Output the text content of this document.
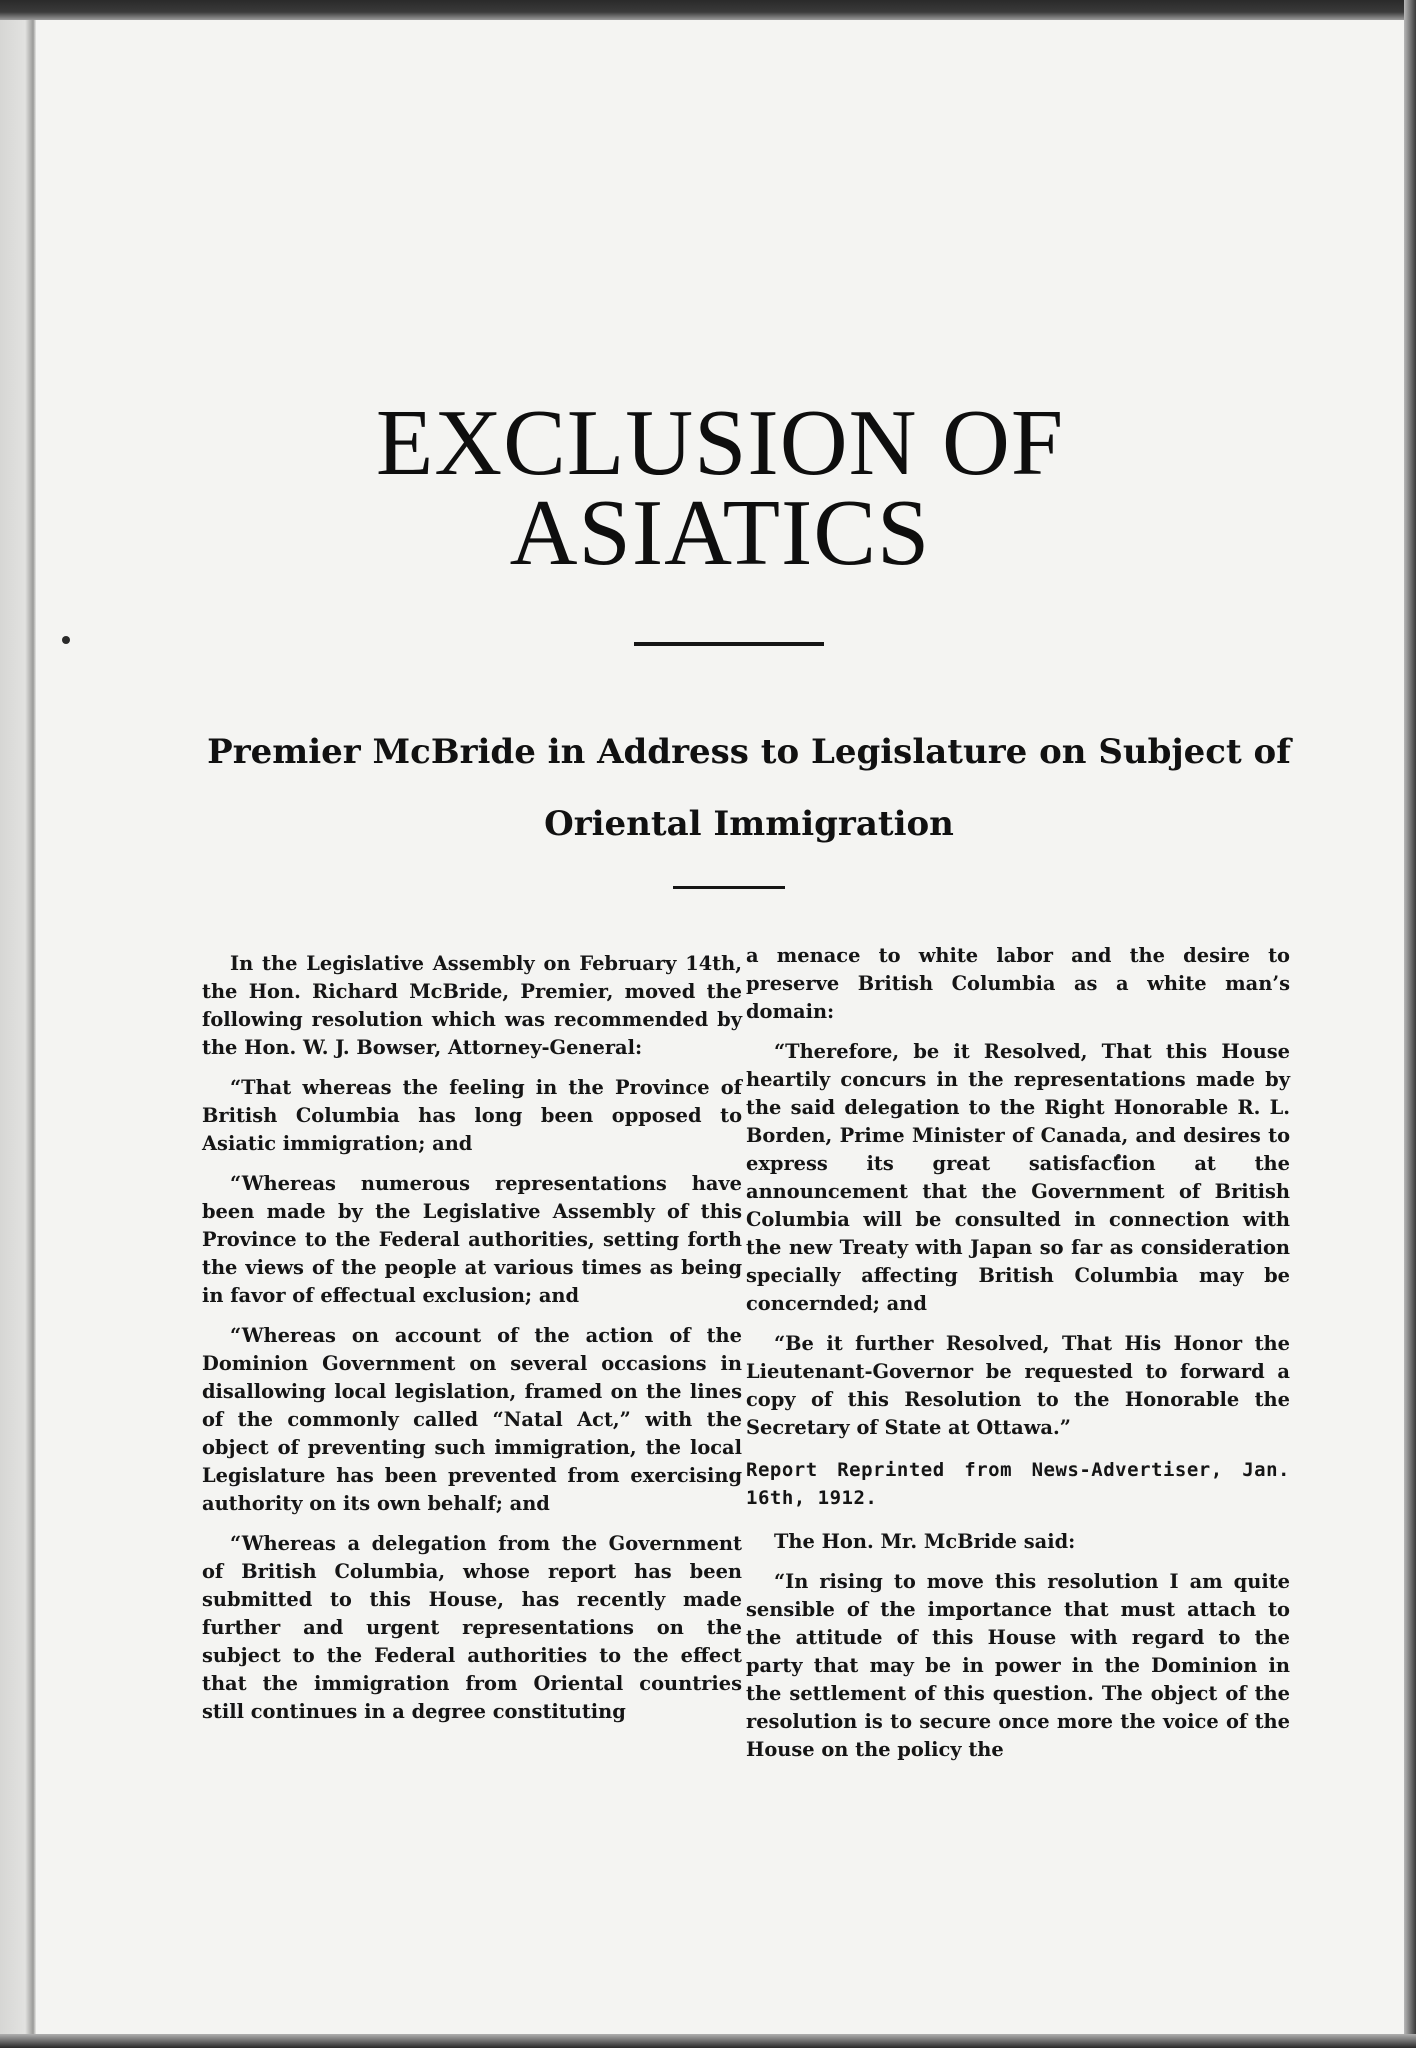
EXCLUSION OF
ASIATICS
Premier McBride in Address to Legislature on Subject of Oriental Immigration

In the Legislative Assembly on February 14th, the Hon. Richard McBride, Premier, moved the following resolution which was recommended by the Hon. W. J. Bowser, Attorney-General:

“That whereas the feeling in the Province of British Columbia has long been opposed to Asiatic immigration; and

“Whereas numerous representations have been made by the Legislative Assembly of this Province to the Federal authorities, setting forth the views of the people at various times as being in favor of effectual exclusion; and

“Whereas on account of the action of the Dominion Government on several occasions in disallowing local legislation, framed on the lines of the commonly called “Natal Act,” with the object of preventing such immigration, the local Legislature has been prevented from exercising authority on its own behalf; and

“Whereas a delegation from the Government of British Columbia, whose report has been submitted to this House, has recently made further and urgent representations on the subject to the Federal authorities to the effect that the immigration from Oriental countries still continues in a degree constituting

a menace to white labor and the desire to preserve British Columbia as a white man’s domain:

“Therefore, be it Resolved, That this House heartily concurs in the representations made by the said delegation to the Right Honorable R. L. Borden, Prime Minister of Canada, and desires to express its great satisfaction at the announcement that the Government of British Columbia will be consulted in connection with the new Treaty with Japan so far as consideration specially affecting British Columbia may be concernded; and

“Be it further Resolved, That His Honor the Lieutenant-Governor be requested to forward a copy of this Resolution to the Honorable the Secretary of State at Ottawa.”

Report Reprinted from News-Advertiser, Jan. 16th, 1912.

The Hon. Mr. McBride said:

“In rising to move this resolution I am quite sensible of the importance that must attach to the attitude of this House with regard to the party that may be in power in the Dominion in the settlement of this question. The object of the resolution is to secure once more the voice of the House on the policy the
